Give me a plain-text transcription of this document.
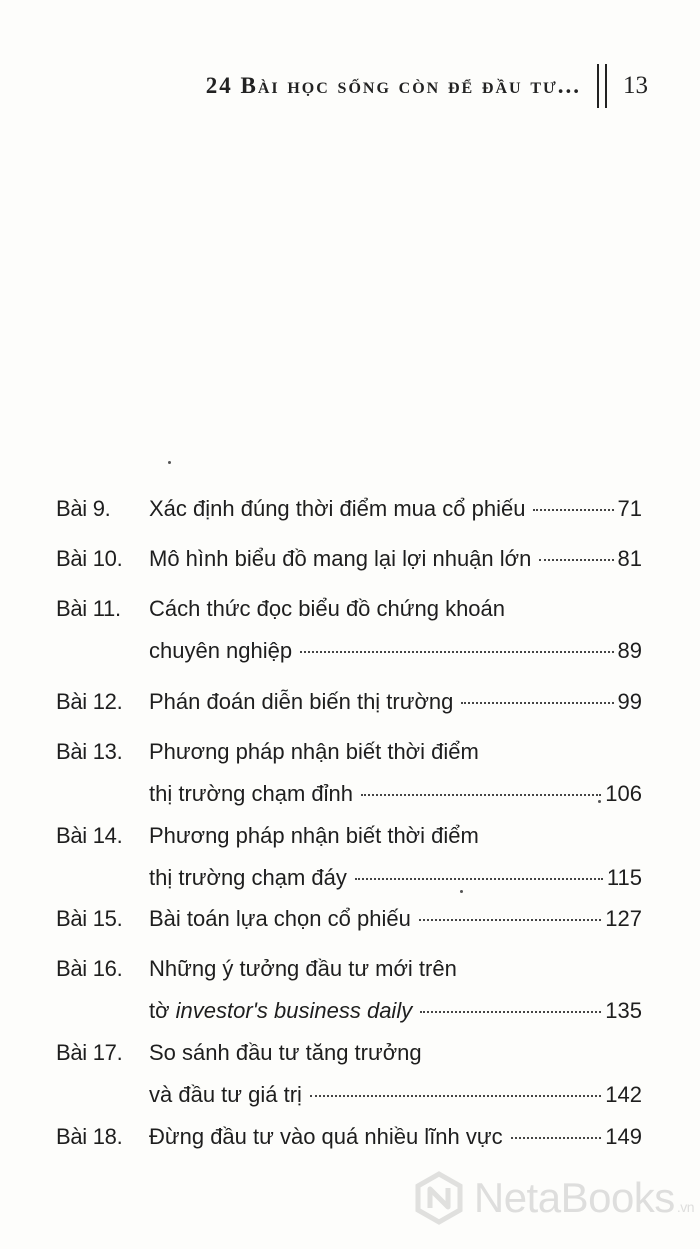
24 Bài học sống còn để đầu tư... 13
Bài 9.	Xác định đúng thời điểm mua cổ phiếu	71
Bài 10.	Mô hình biểu đồ mang lại lợi nhuận lớn	81
Bài 11.	Cách thức đọc biểu đồ chứng khoán
chuyên nghiệp	89
Bài 12.	Phán đoán diễn biến thị trường	99
Bài 13.	Phương pháp nhận biết thời điểm
thị trường chạm đỉnh	106
Bài 14.	Phương pháp nhận biết thời điểm
thị trường chạm đáy	115
Bài 15.	Bài toán lựa chọn cổ phiếu	127
Bài 16.	Những ý tưởng đầu tư mới trên
tờ investor's business daily	135
Bài 17.	So sánh đầu tư tăng trưởng
và đầu tư giá trị	142
Bài 18.	Đừng đầu tư vào quá nhiều lĩnh vực	149
NetaBooks .vn
